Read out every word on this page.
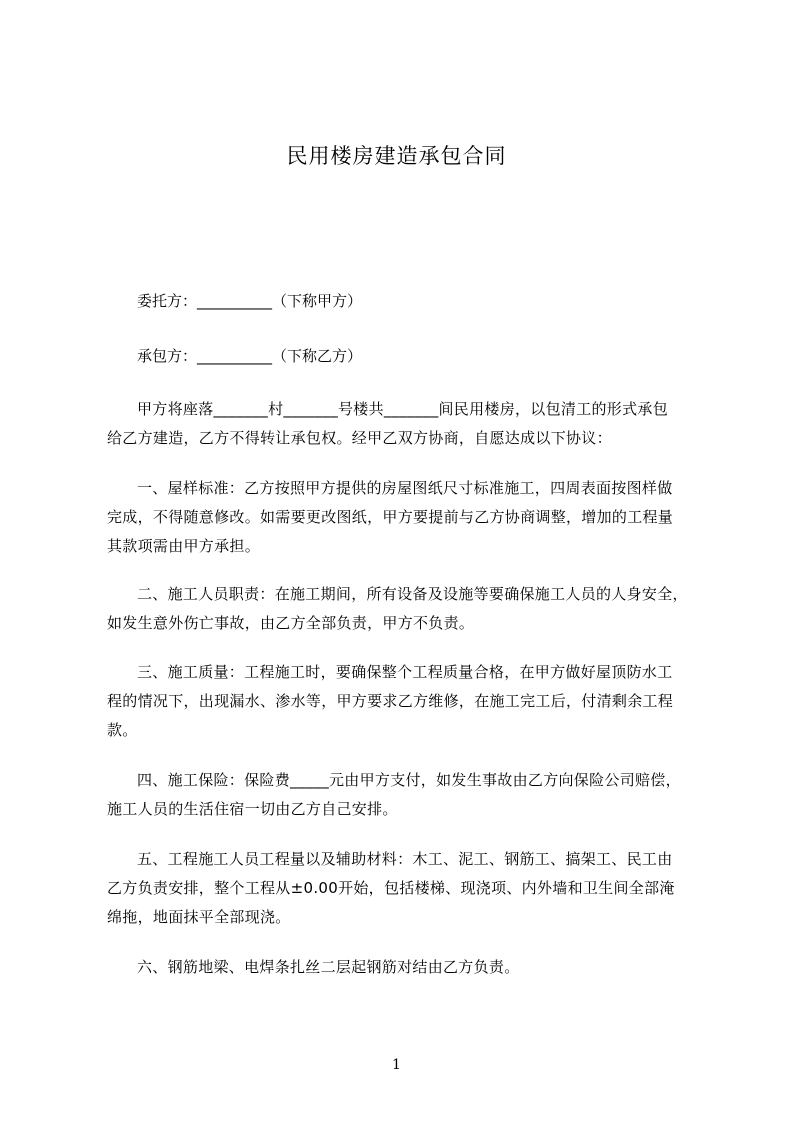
民用楼房建造承包合同
委托方：__________（下称甲方）
承包方：__________（下称乙方）
甲方将座落_______村_______号楼共_______间民用楼房，以包清工的形式承包
给乙方建造，乙方不得转让承包权。经甲乙双方协商，自愿达成以下协议：
一、屋样标准：乙方按照甲方提供的房屋图纸尺寸标准施工，四周表面按图样做
完成，不得随意修改。如需要更改图纸，甲方要提前与乙方协商调整，增加的工程量
其款项需由甲方承担。
二、施工人员职责：在施工期间，所有设备及设施等要确保施工人员的人身安全，
如发生意外伤亡事故，由乙方全部负责，甲方不负责。
三、施工质量：工程施工时，要确保整个工程质量合格，在甲方做好屋顶防水工
程的情况下，出现漏水、渗水等，甲方要求乙方维修，在施工完工后，付清剩余工程
款。
四、施工保险：保险费_____元由甲方支付，如发生事故由乙方向保险公司赔偿，
施工人员的生活住宿一切由乙方自己安排。
五、工程施工人员工程量以及辅助材料：木工、泥工、钢筋工、搞架工、民工由
乙方负责安排，整个工程从±0.00开始，包括楼梯、现浇项、内外墙和卫生间全部淹
绵拖，地面抹平全部现浇。
六、钢筋地梁、电焊条扎丝二层起钢筋对结由乙方负责。
1
